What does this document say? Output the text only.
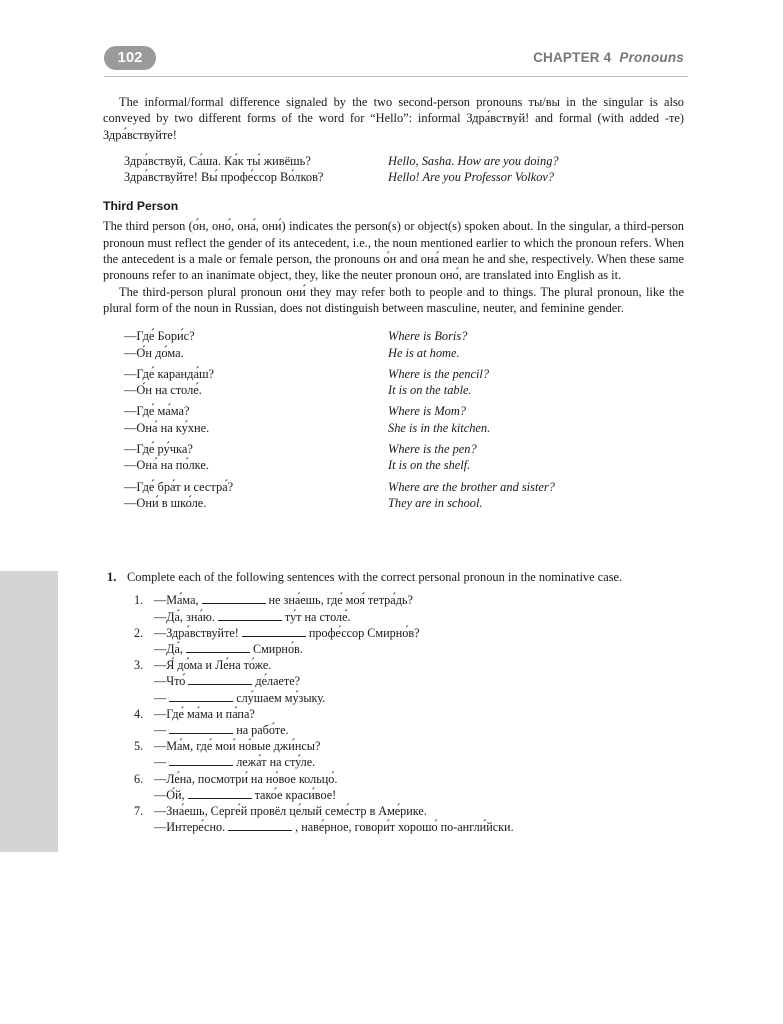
102	CHAPTER 4 Pronouns

The informal/formal difference signaled by the two second-person pronouns ты/вы in the singular is also conveyed by two different forms of the word for “Hello”: informal Здра́вствуй! and formal (with added -те) Здра́вствуйте!

Здра́вствуй, Са́ша. Ка́к ты́ живёшь?	Hello, Sasha. How are you doing?
Здра́вствуйте! Вы́ профе́ссор Во́лков?	Hello! Are you Professor Volkov?
Third Person

The third person (о́н, оно́, она́, они́) indicates the person(s) or object(s) spoken about. In the singular, a third-person pronoun must reflect the gender of its antecedent, i.e., the noun mentioned earlier to which the pronoun refers. When the antecedent is a male or female person, the pronouns о́н and она́ mean he and she, respectively. When these same pronouns refer to an inanimate object, they, like the neuter pronoun оно́, are translated into English as it.

The third-person plural pronoun они́ they may refer both to people and to things. The plural pronoun, like the plural form of the noun in Russian, does not distinguish between masculine, neuter, and feminine gender.

—Где́ Бори́с?	Where is Boris?
—О́н до́ма.	He is at home.
—Где́ каранда́ш?	Where is the pencil?
—О́н на столе́.	It is on the table.
—Где́ ма́ма?	Where is Mom?
—Она́ на ку́хне.	She is in the kitchen.
—Где́ ру́чка?	Where is the pen?
—Она́ на по́лке.	It is on the shelf.
—Где́ бра́т и сестра́?	Where are the brother and sister?
—Они́ в шко́ле.	They are in school.
1. Complete each of the following sentences with the correct personal pronoun in the nominative case.
1. —Ма́ма,	не зна́ешь, где́ моя́ тетра́дь?
—Да́, зна́ю.	ту́т на столе́.
2. —Здра́вствуйте!	профе́ссор Смирно́в?
—Да́,	Смирно́в.
3. —Я́ до́ма и Ле́на то́же.
—Что́	де́лаете?
—	слу́шаем му́зыку.
4. —Где́ ма́ма и па́па?
—	на рабо́те.
5. —Ма́м, где́ мои́ но́вые джи́нсы?
—	лежа́т на сту́ле.
6. —Ле́на, посмотри́ на но́вое кольцо́.
—О́й,	тако́е краси́вое!
7. —Зна́ешь, Серге́й провёл це́лый семе́стр в Аме́рике.
—Интере́сно.	, наве́рное, говори́т хорошо́ по-англи́йски.
